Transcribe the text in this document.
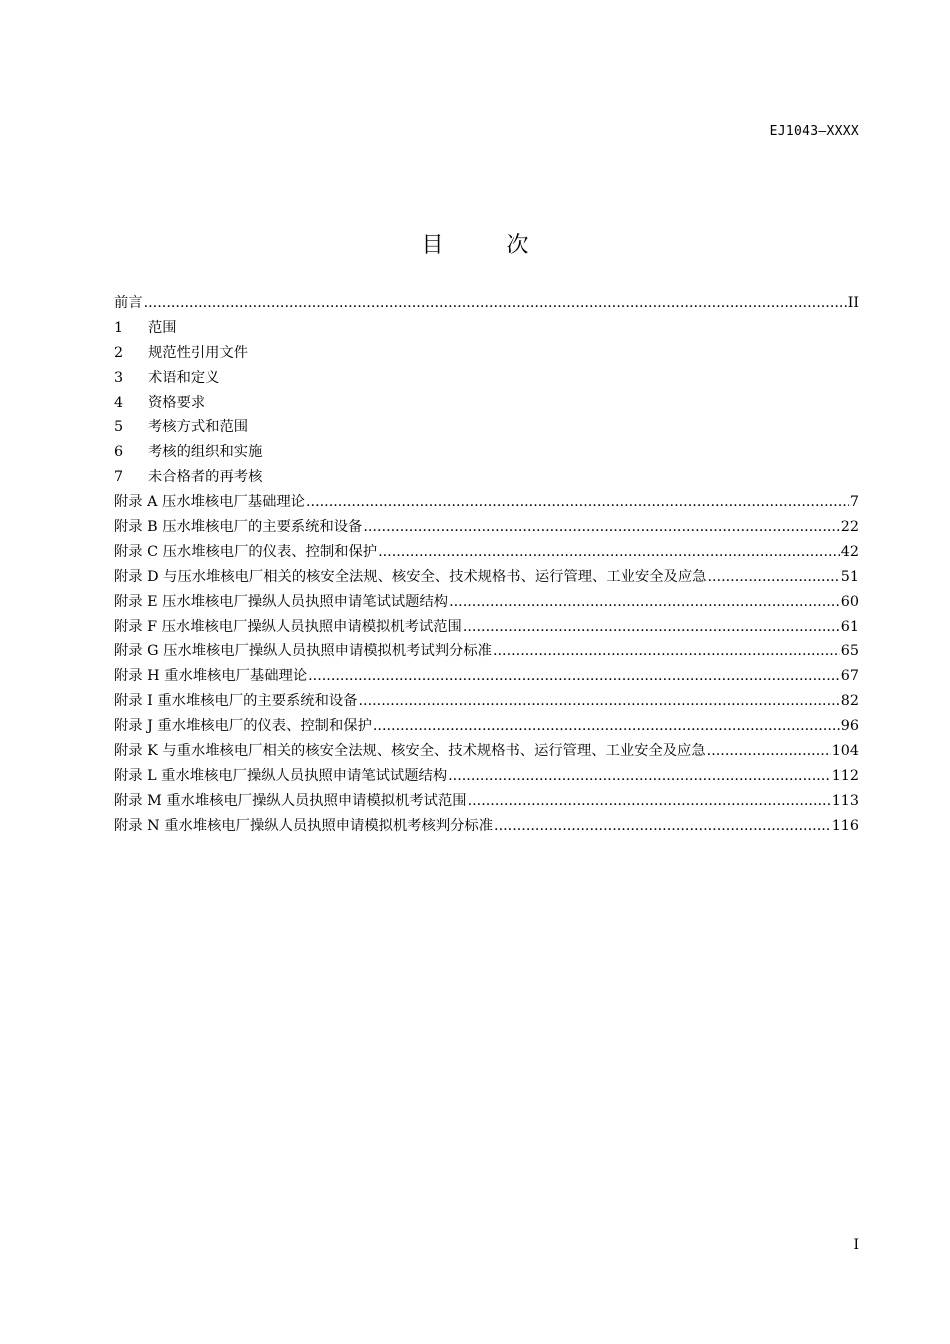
EJ1043—XXXX
目 次
前言 .....	II
1 范围
2 规范性引用文件
3 术语和定义
4 资格要求
5 考核方式和范围
6 考核的组织和实施
7 未合格者的再考核
附录 A 压水堆核电厂基础理论 .....	7
附录 B 压水堆核电厂的主要系统和设备 .....	22
附录 C 压水堆核电厂的仪表、控制和保护 .....	42
附录 D 与压水堆核电厂相关的核安全法规、核安全、技术规格书、运行管理、工业安全及应急 .....	51
附录 E 压水堆核电厂操纵人员执照申请笔试试题结构 .....	60
附录 F 压水堆核电厂操纵人员执照申请模拟机考试范围 .....	61
附录 G 压水堆核电厂操纵人员执照申请模拟机考试判分标准 .....	65
附录 H 重水堆核电厂基础理论 .....	67
附录 I 重水堆核电厂的主要系统和设备 .....	82
附录 J 重水堆核电厂的仪表、控制和保护 .....	96
附录 K 与重水堆核电厂相关的核安全法规、核安全、技术规格书、运行管理、工业安全及应急 .....	104
附录 L 重水堆核电厂操纵人员执照申请笔试试题结构 .....	112
附录 M 重水堆核电厂操纵人员执照申请模拟机考试范围 .....	113
附录 N 重水堆核电厂操纵人员执照申请模拟机考核判分标准 .....	116
I
